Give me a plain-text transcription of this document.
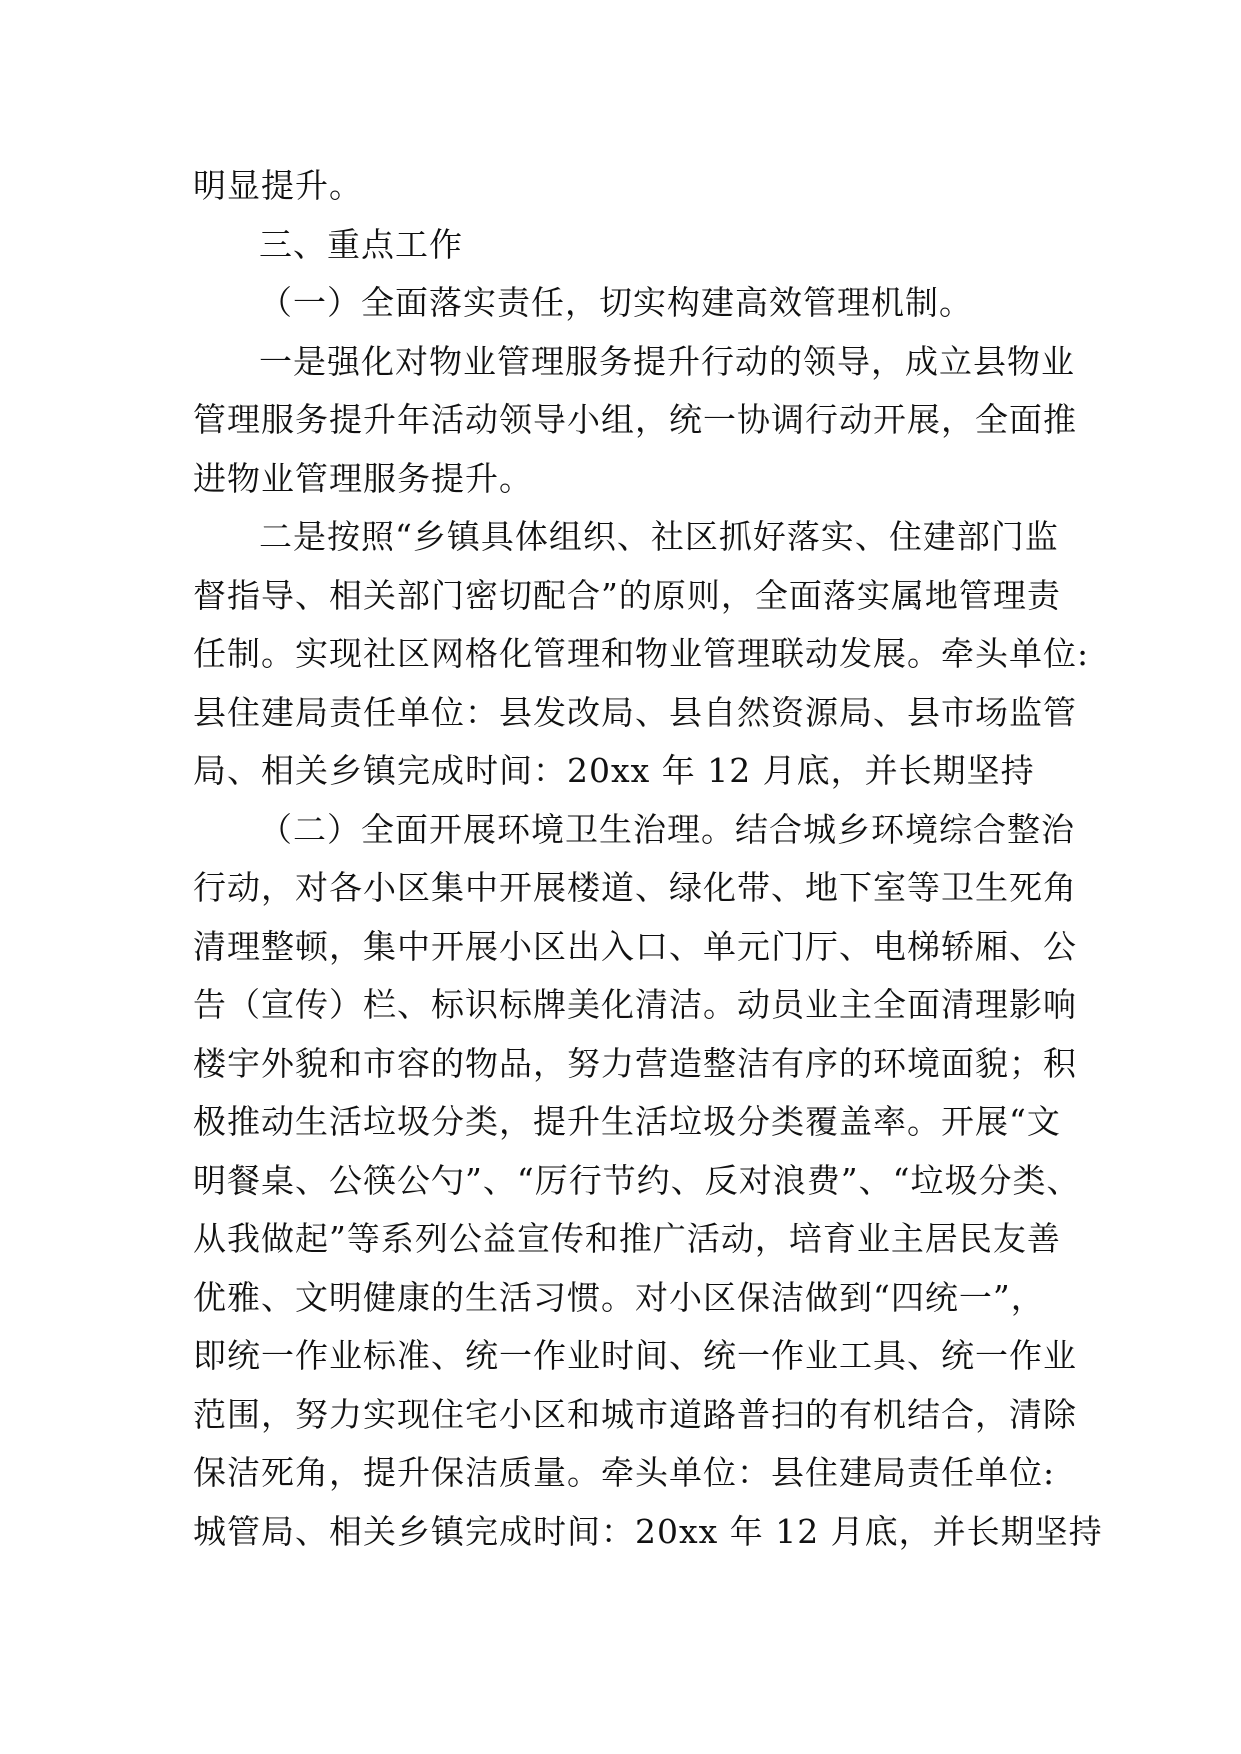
明显提升。
三、重点工作
（一）全面落实责任，切实构建高效管理机制。
一是强化对物业管理服务提升行动的领导，成立县物业
管理服务提升年活动领导小组，统一协调行动开展，全面推
进物业管理服务提升。
二是按照“乡镇具体组织、社区抓好落实、住建部门监
督指导、相关部门密切配合”的原则，全面落实属地管理责
任制。实现社区网格化管理和物业管理联动发展。牵头单位:
县住建局责任单位：县发改局、县自然资源局、县市场监管
局、相关乡镇完成时间：20xx 年 12 月底，并长期坚持
（二）全面开展环境卫生治理。结合城乡环境综合整治
行动，对各小区集中开展楼道、绿化带、地下室等卫生死角
清理整顿，集中开展小区出入口、单元门厅、电梯轿厢、公
告（宣传）栏、标识标牌美化清洁。动员业主全面清理影响
楼宇外貌和市容的物品，努力营造整洁有序的环境面貌；积
极推动生活垃圾分类，提升生活垃圾分类覆盖率。开展“文
明餐桌、公筷公勺”、“厉行节约、反对浪费”、“垃圾分类、
从我做起”等系列公益宣传和推广活动，培育业主居民友善
优雅、文明健康的生活习惯。对小区保洁做到“四统一”，
即统一作业标准、统一作业时间、统一作业工具、统一作业
范围，努力实现住宅小区和城市道路普扫的有机结合，清除
保洁死角，提升保洁质量。牵头单位：县住建局责任单位:
城管局、相关乡镇完成时间：20xx 年 12 月底，并长期坚持
